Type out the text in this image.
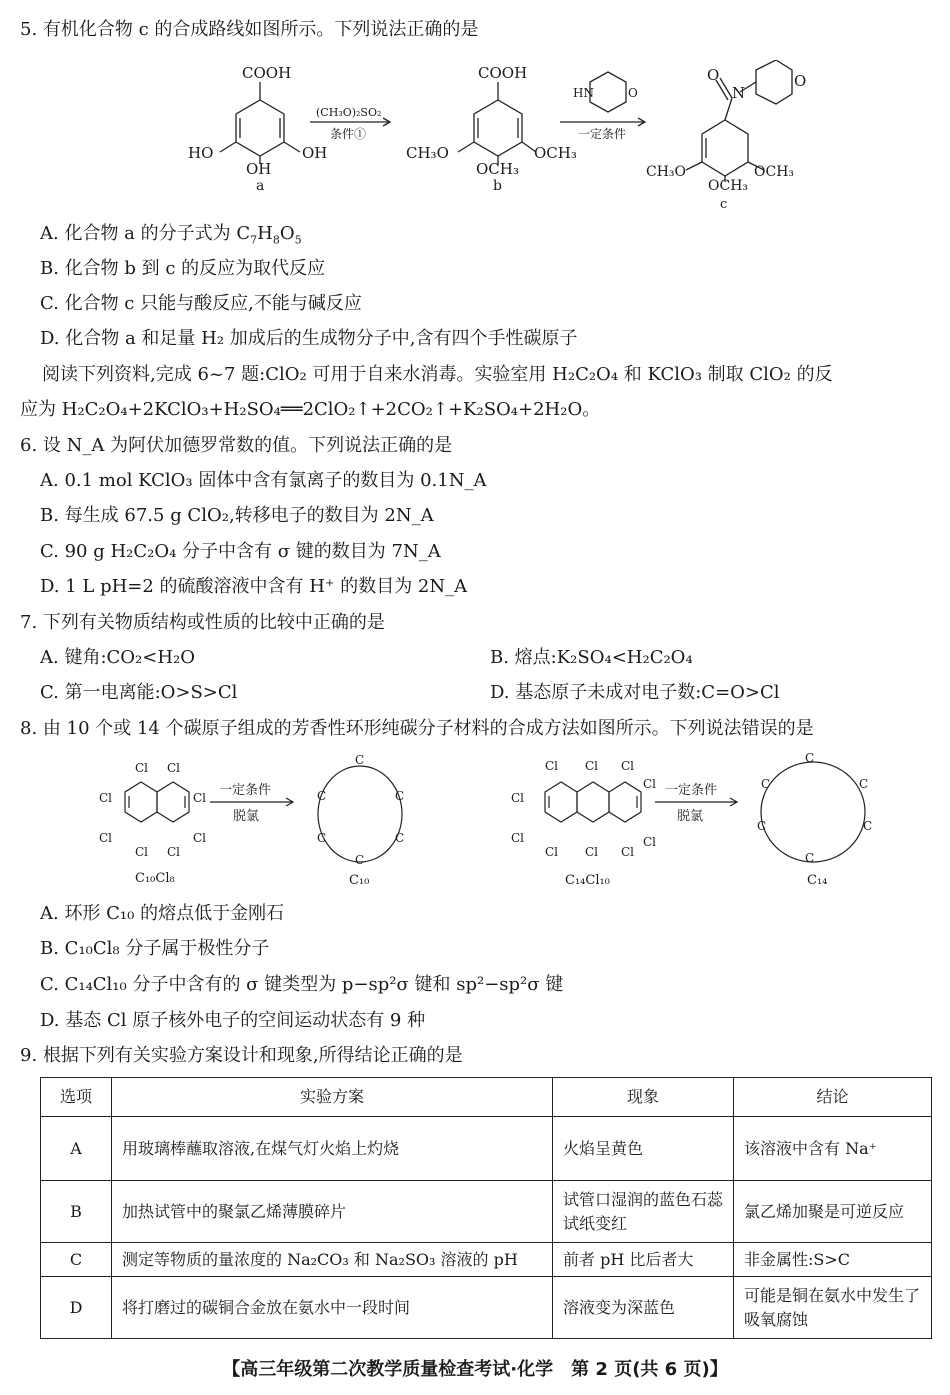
5. 有机化合物 c 的合成路线如图所示。下列说法正确的是
COOH
HO	OH
OH
a
(CH₃O)₂SO₂
条件①
COOH
CH₃O	OCH₃
OCH₃
b
HN	O
一定条件
O
N
O
CH₃O	OCH₃
OCH₃
c
A. 化合物 a 的分子式为 $C_7H_8O_5$
B. 化合物 b 到 c 的反应为取代反应
C. 化合物 c 只能与酸反应,不能与碱反应
D. 化合物 a 和足量 H₂ 加成后的生成物分子中,含有四个手性碳原子
阅读下列资料,完成 6~7 题:ClO₂ 可用于自来水消毒。实验室用 H₂C₂O₄ 和 KClO₃ 制取 ClO₂ 的反
应为 H₂C₂O₄+2KClO₃+H₂SO₄══2ClO₂↑+2CO₂↑+K₂SO₄+2H₂O。
6. 设 N_A 为阿伏加德罗常数的值。下列说法正确的是
A. 0.1 mol KClO₃ 固体中含有氯离子的数目为 0.1N_A
B. 每生成 67.5 g ClO₂,转移电子的数目为 2N_A
C. 90 g H₂C₂O₄ 分子中含有 σ 键的数目为 7N_A
D. 1 L pH=2 的硫酸溶液中含有 H⁺ 的数目为 2N_A
7. 下列有关物质结构或性质的比较中正确的是
A. 键角:CO₂<H₂O	B. 熔点:K₂SO₄<H₂C₂O₄
C. 第一电离能:O>S>Cl	D. 基态原子未成对电子数:C=O>Cl
8. 由 10 个或 14 个碳原子组成的芳香性环形纯碳分子材料的合成方法如图所示。下列说法错误的是
Cl Cl
Cl	Cl
Cl	Cl
Cl Cl
C₁₀Cl₈
一定条件
脱氯
C
C	C
C	C
C
C₁₀
Cl Cl Cl
Cl
Cl
Cl	Cl
Cl Cl Cl
C₁₄Cl₁₀
一定条件
脱氯
C
C	C
C	C
C
C₁₄
A. 环形 C₁₀ 的熔点低于金刚石
B. C₁₀Cl₈ 分子属于极性分子
C. C₁₄Cl₁₀ 分子中含有的 σ 键类型为 p−sp²σ 键和 sp²−sp²σ 键
D. 基态 Cl 原子核外电子的空间运动状态有 9 种
9. 根据下列有关实验方案设计和现象,所得结论正确的是
选项	实验方案	现象	结论
A	用玻璃棒蘸取溶液,在煤气灯火焰上灼烧	火焰呈黄色	该溶液中含有 Na⁺
B	加热试管中的聚氯乙烯薄膜碎片	试管口湿润的蓝色石蕊试纸变红	氯乙烯加聚是可逆反应
C	测定等物质的量浓度的 Na₂CO₃ 和 Na₂SO₃ 溶液的 pH	前者 pH 比后者大	非金属性:S>C
D	将打磨过的碳铜合金放在氨水中一段时间	溶液变为深蓝色	可能是铜在氨水中发生了吸氧腐蚀
【高三年级第二次教学质量检查考试·化学　第 2 页(共 6 页)】
